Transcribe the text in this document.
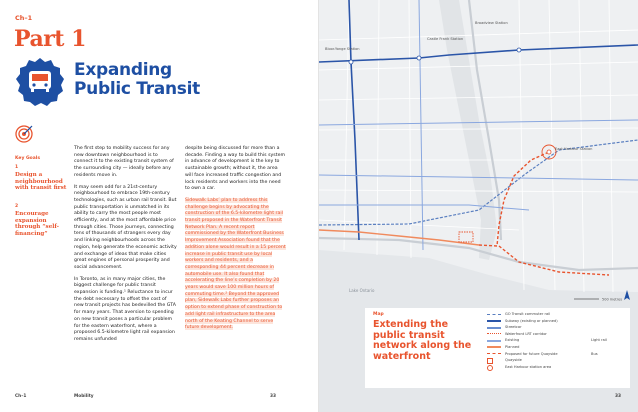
Ch–1
Part 1
Expanding
Public Transit
Key Goals
1
Design a neighbourhood with transit first
2
Encourage expansion through “self-financing”

The first step to mobility success for any new downtown neighbourhood is to connect it to the existing transit system of the surrounding city — ideally before any residents move in.

It may seem odd for a 21st-century neighbourhood to embrace 19th-century technologies, such as urban rail transit. But public transportation is unmatched in its ability to carry the most people most efficiently, and at the most affordable price through cities. Those journeys, connecting tens of thousands of strangers every day and linking neighbourhoods across the region, help generate the economic activity and exchange of ideas that make cities great engines of personal prosperity and social advancement.

In Toronto, as in many major cities, the biggest challenge for public transit expansion is funding.¹ Reluctance to incur the debt necessary to offset the cost of new transit projects has bedevilled the GTA for many years. That aversion to spending on new transit poses a particular problem for the eastern waterfront, where a proposed 6.5-kilometre light rail expansion remains unfunded

despite being discussed for more than a decade. Finding a way to build this system in advance of development is the key to sustainable growth; without it, the area will face increased traffic congestion and lock residents and workers into the need to own a car.

Sidewalk Labs’ plan to address this challenge begins by advocating the construction of the 6.5-kilometre light rail transit proposed in the Waterfront Transit Network Plan. A recent report commissioned by the Waterfront Business Improvement Association found that the addition alone would result in a 15 percent increase in public transit use by local workers and residents, and a corresponding 44 percent decrease in automobile use. It also found that accelerating the line’s completion by 20 years would save 100 million hours of commuting time.² Beyond the approved plan, Sidewalk Labs further proposes an option to extend phase of construction to add light rail infrastructure to the area north of the Keating Channel to serve future development.

Ch–1	Mobility	33
Broadview Station
Castle Frank Station
Bloor-Yonge Station
East Harbour Station
Lake Ontario
500 metres
Map
Extending the public transit network along the waterfront
GO Transit commuter rail
Subway (existing or planned)
Streetcar
Waterfront LRT corridor
Existing	Light rail
Planned
Proposed for future Quayside	Bus
Quayside
East Harbour station area
33
